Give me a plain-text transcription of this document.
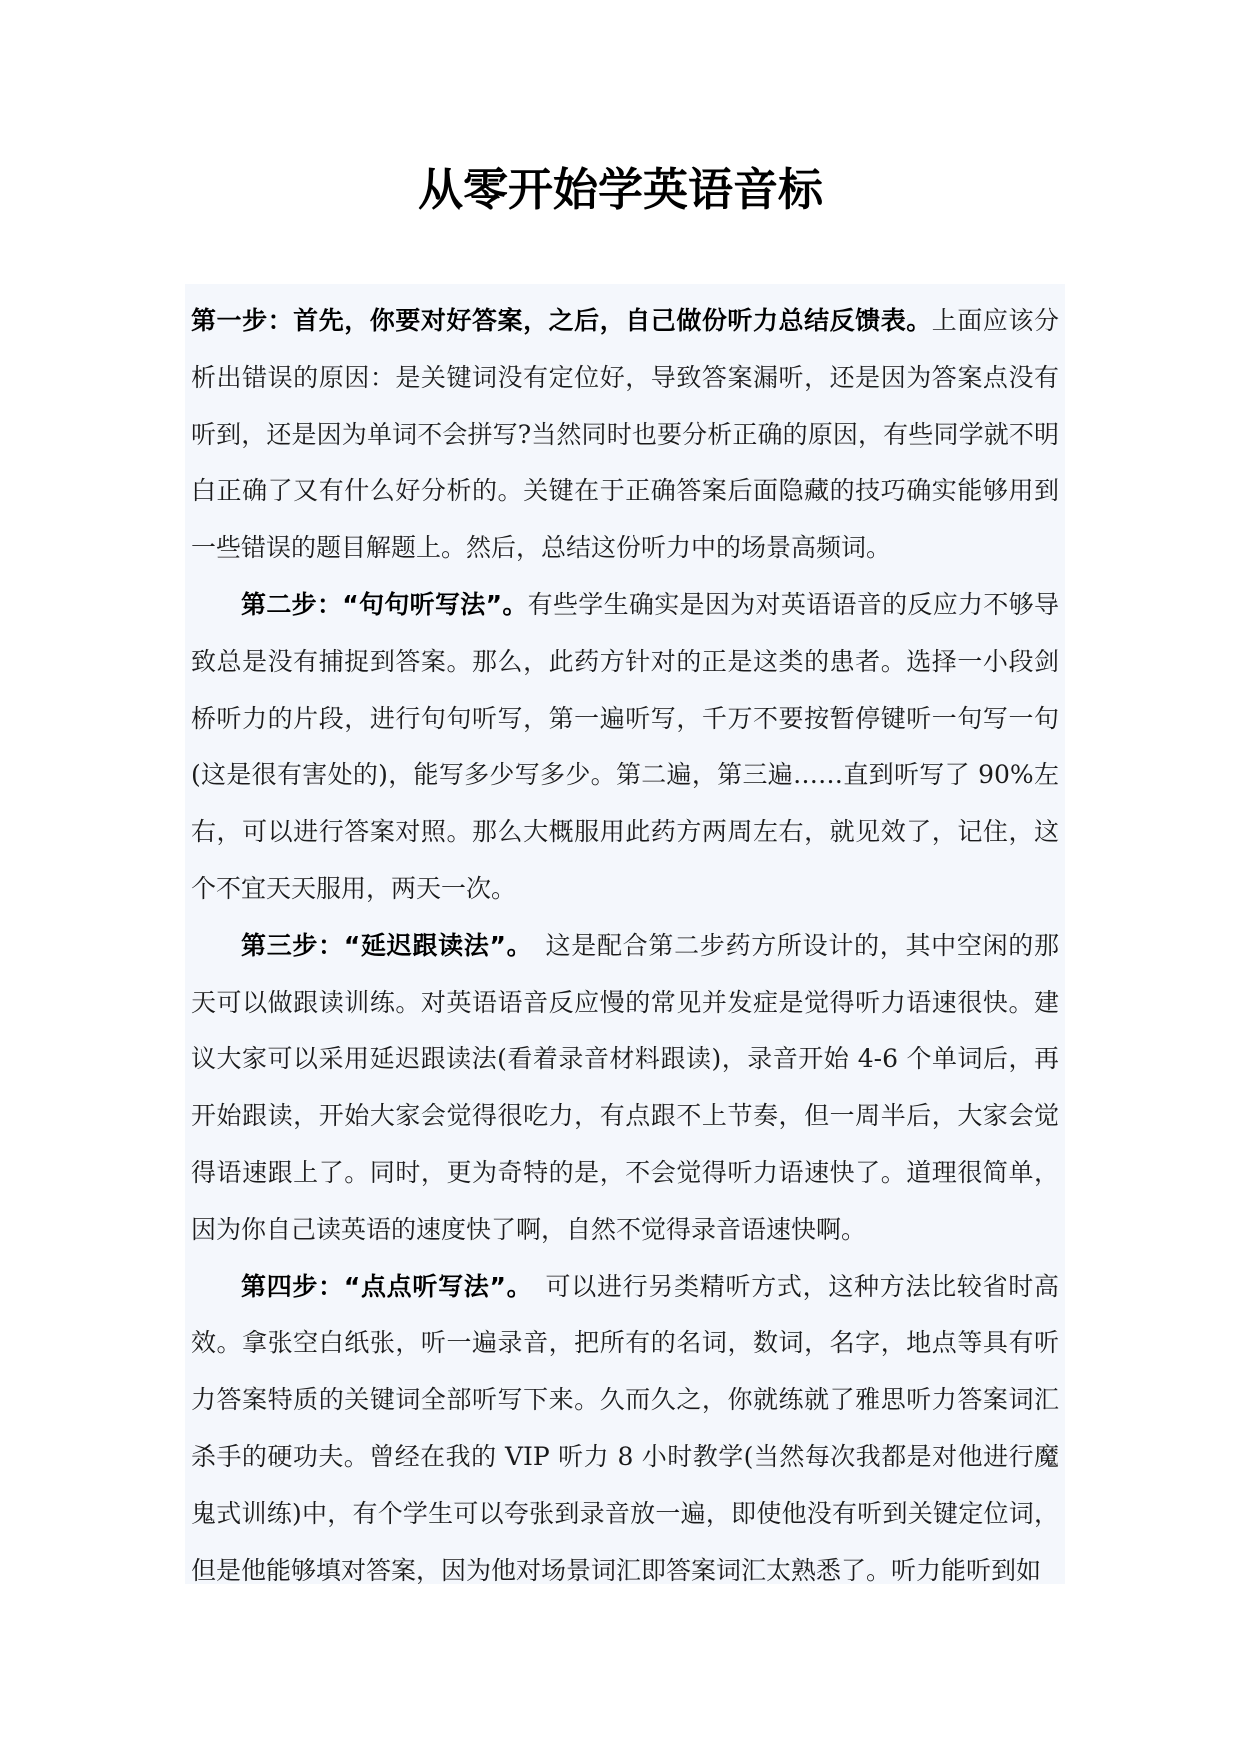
从零开始学英语音标

第一步：首先，你要对好答案，之后，自己做份听力总结反馈表。上面应该分析出错误的原因：是关键词没有定位好，导致答案漏听，还是因为答案点没有听到，还是因为单词不会拼写?当然同时也要分析正确的原因，有些同学就不明白正确了又有什么好分析的。关键在于正确答案后面隐藏的技巧确实能够用到一些错误的题目解题上。然后，总结这份听力中的场景高频词。

第二步：“句句听写法”。有些学生确实是因为对英语语音的反应力不够导致总是没有捕捉到答案。那么，此药方针对的正是这类的患者。选择一小段剑桥听力的片段，进行句句听写，第一遍听写，千万不要按暂停键听一句写一句(这是很有害处的)，能写多少写多少。第二遍，第三遍……直到听写了 90%左右，可以进行答案对照。那么大概服用此药方两周左右，就见效了，记住，这个不宜天天服用，两天一次。

第三步：“延迟跟读法”。　这是配合第二步药方所设计的，其中空闲的那天可以做跟读训练。对英语语音反应慢的常见并发症是觉得听力语速很快。建议大家可以采用延迟跟读法(看着录音材料跟读)，录音开始 4-6 个单词后，再开始跟读，开始大家会觉得很吃力，有点跟不上节奏，但一周半后，大家会觉得语速跟上了。同时，更为奇特的是，不会觉得听力语速快了。道理很简单，因为你自己读英语的速度快了啊，自然不觉得录音语速快啊。

第四步：“点点听写法”。　可以进行另类精听方式，这种方法比较省时高效。拿张空白纸张，听一遍录音，把所有的名词，数词，名字，地点等具有听力答案特质的关键词全部听写下来。久而久之，你就练就了雅思听力答案词汇杀手的硬功夫。曾经在我的 VIP 听力 8 小时教学(当然每次我都是对他进行魔鬼式训练)中，有个学生可以夸张到录音放一遍，即使他没有听到关键定位词，但是他能够填对答案，因为他对场景词汇即答案词汇太熟悉了。听力能听到如
